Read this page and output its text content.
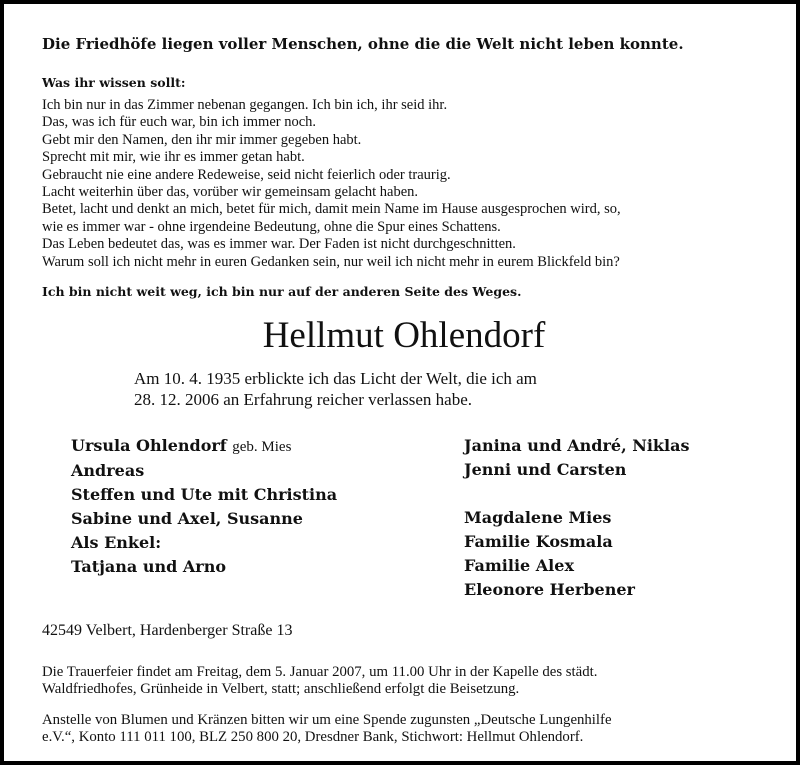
Die Friedhöfe liegen voller Menschen, ohne die die Welt nicht leben konnte.
Was ihr wissen sollt:
Ich bin nur in das Zimmer nebenan gegangen. Ich bin ich, ihr seid ihr.
Das, was ich für euch war, bin ich immer noch.
Gebt mir den Namen, den ihr mir immer gegeben habt.
Sprecht mit mir, wie ihr es immer getan habt.
Gebraucht nie eine andere Redeweise, seid nicht feierlich oder traurig.
Lacht weiterhin über das, vorüber wir gemeinsam gelacht haben.
Betet, lacht und denkt an mich, betet für mich, damit mein Name im Hause ausgesprochen wird, so,
wie es immer war - ohne irgendeine Bedeutung, ohne die Spur eines Schattens.
Das Leben bedeutet das, was es immer war. Der Faden ist nicht durchgeschnitten.
Warum soll ich nicht mehr in euren Gedanken sein, nur weil ich nicht mehr in eurem Blickfeld bin?
Ich bin nicht weit weg, ich bin nur auf der anderen Seite des Weges.
Hellmut Ohlendorf
Am 10. 4. 1935 erblickte ich das Licht der Welt, die ich am
28. 12. 2006 an Erfahrung reicher verlassen habe.
Ursula Ohlendorf geb. Mies
Andreas
Steffen und Ute mit Christina
Sabine und Axel, Susanne
Als Enkel:
Tatjana und Arno
Janina und André, Niklas
Jenni und Carsten
Magdalene Mies
Familie Kosmala
Familie Alex
Eleonore Herbener
42549 Velbert, Hardenberger Straße 13
Die Trauerfeier findet am Freitag, dem 5. Januar 2007, um 11.00 Uhr in der Kapelle des städt.
Waldfriedhofes, Grünheide in Velbert, statt; anschließend erfolgt die Beisetzung.
Anstelle von Blumen und Kränzen bitten wir um eine Spende zugunsten „Deutsche Lungenhilfe
e.V.“, Konto 111 011 100, BLZ 250 800 20, Dresdner Bank, Stichwort: Hellmut Ohlendorf.
